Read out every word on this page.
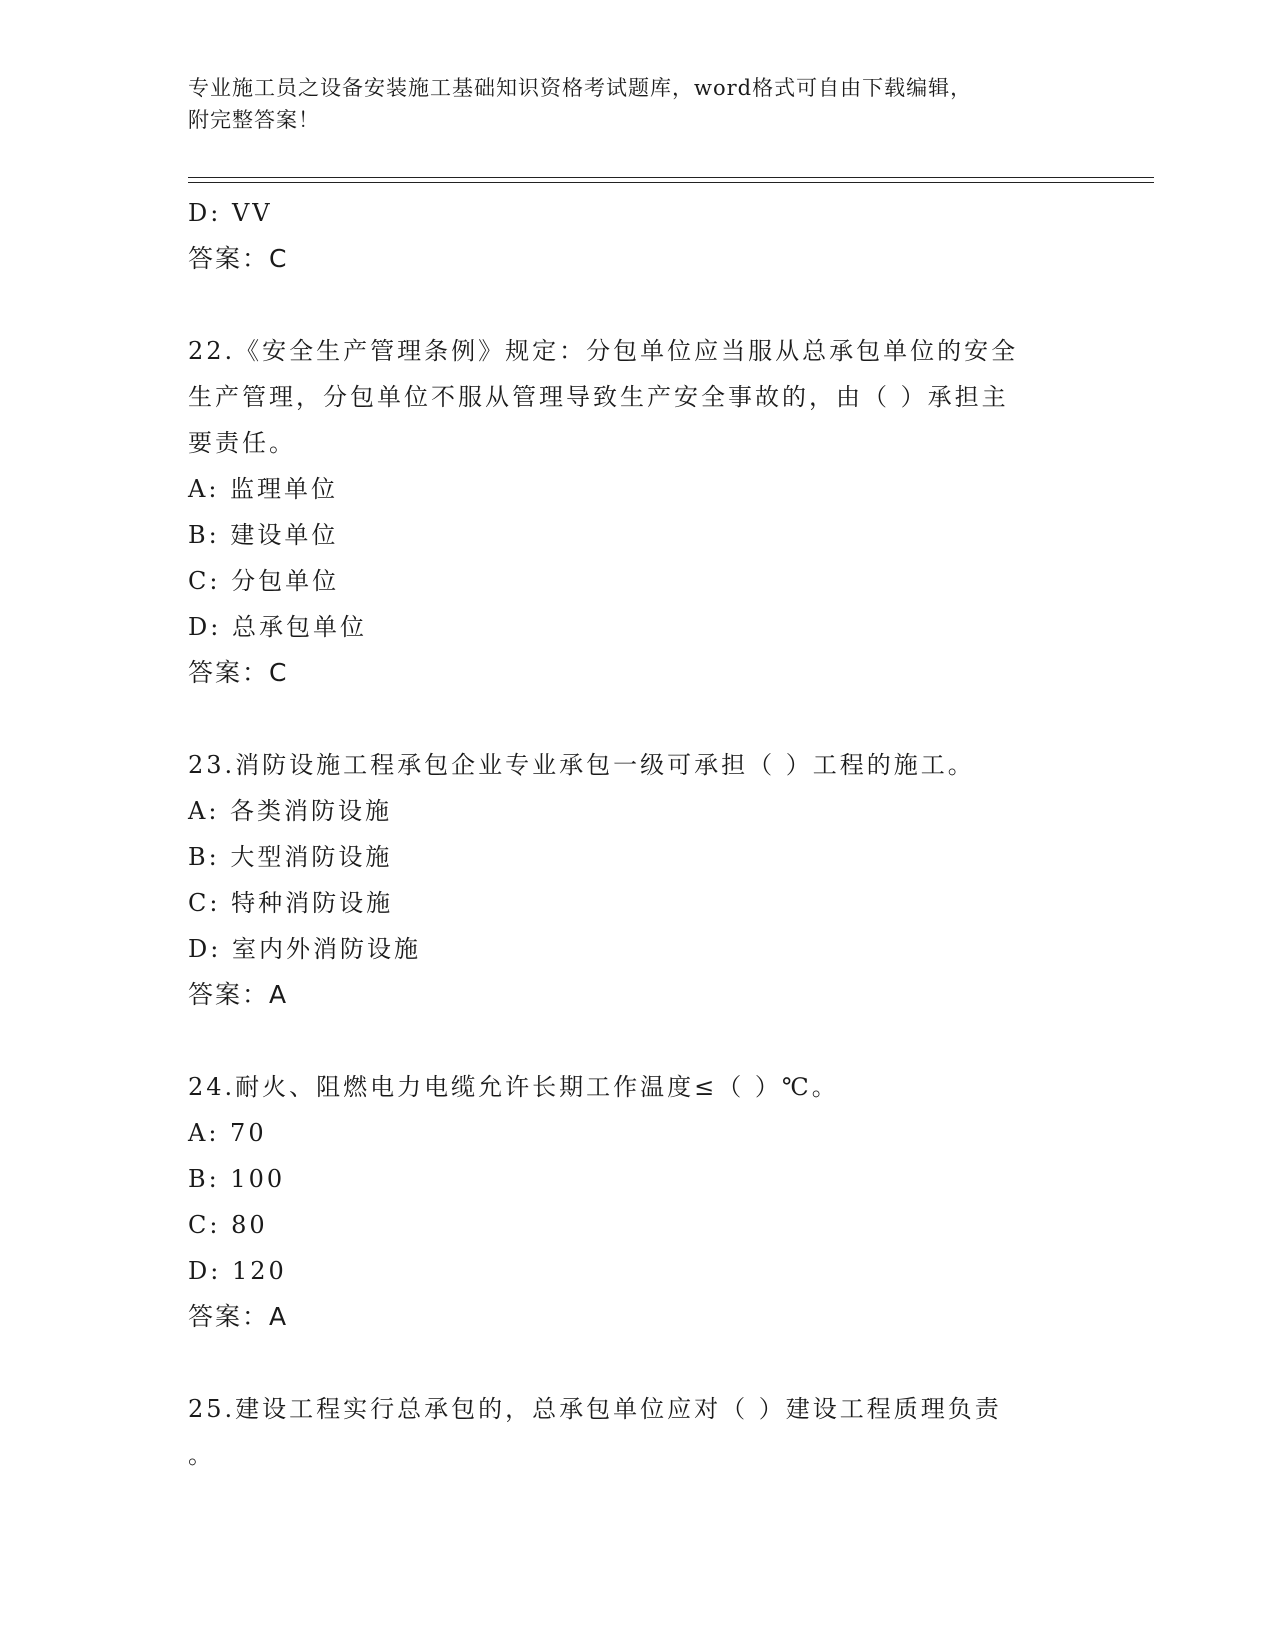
专业施工员之设备安装施工基础知识资格考试题库，word格式可自由下载编辑，
附完整答案！
D: VV
答案：C
22.《安全生产管理条例》规定：分包单位应当服从总承包单位的安全
生产管理，分包单位不服从管理导致生产安全事故的，由（ ）承担主
要责任。
A: 监理单位
B: 建设单位
C: 分包单位
D: 总承包单位
答案：C
23.消防设施工程承包企业专业承包一级可承担（ ）工程的施工。
A: 各类消防设施
B: 大型消防设施
C: 特种消防设施
D: 室内外消防设施
答案：A
24.耐火、阻燃电力电缆允许长期工作温度≤（ ）℃。
A: 70
B: 100
C: 80
D: 120
答案：A
25.建设工程实行总承包的，总承包单位应对（ ）建设工程质理负责
。
